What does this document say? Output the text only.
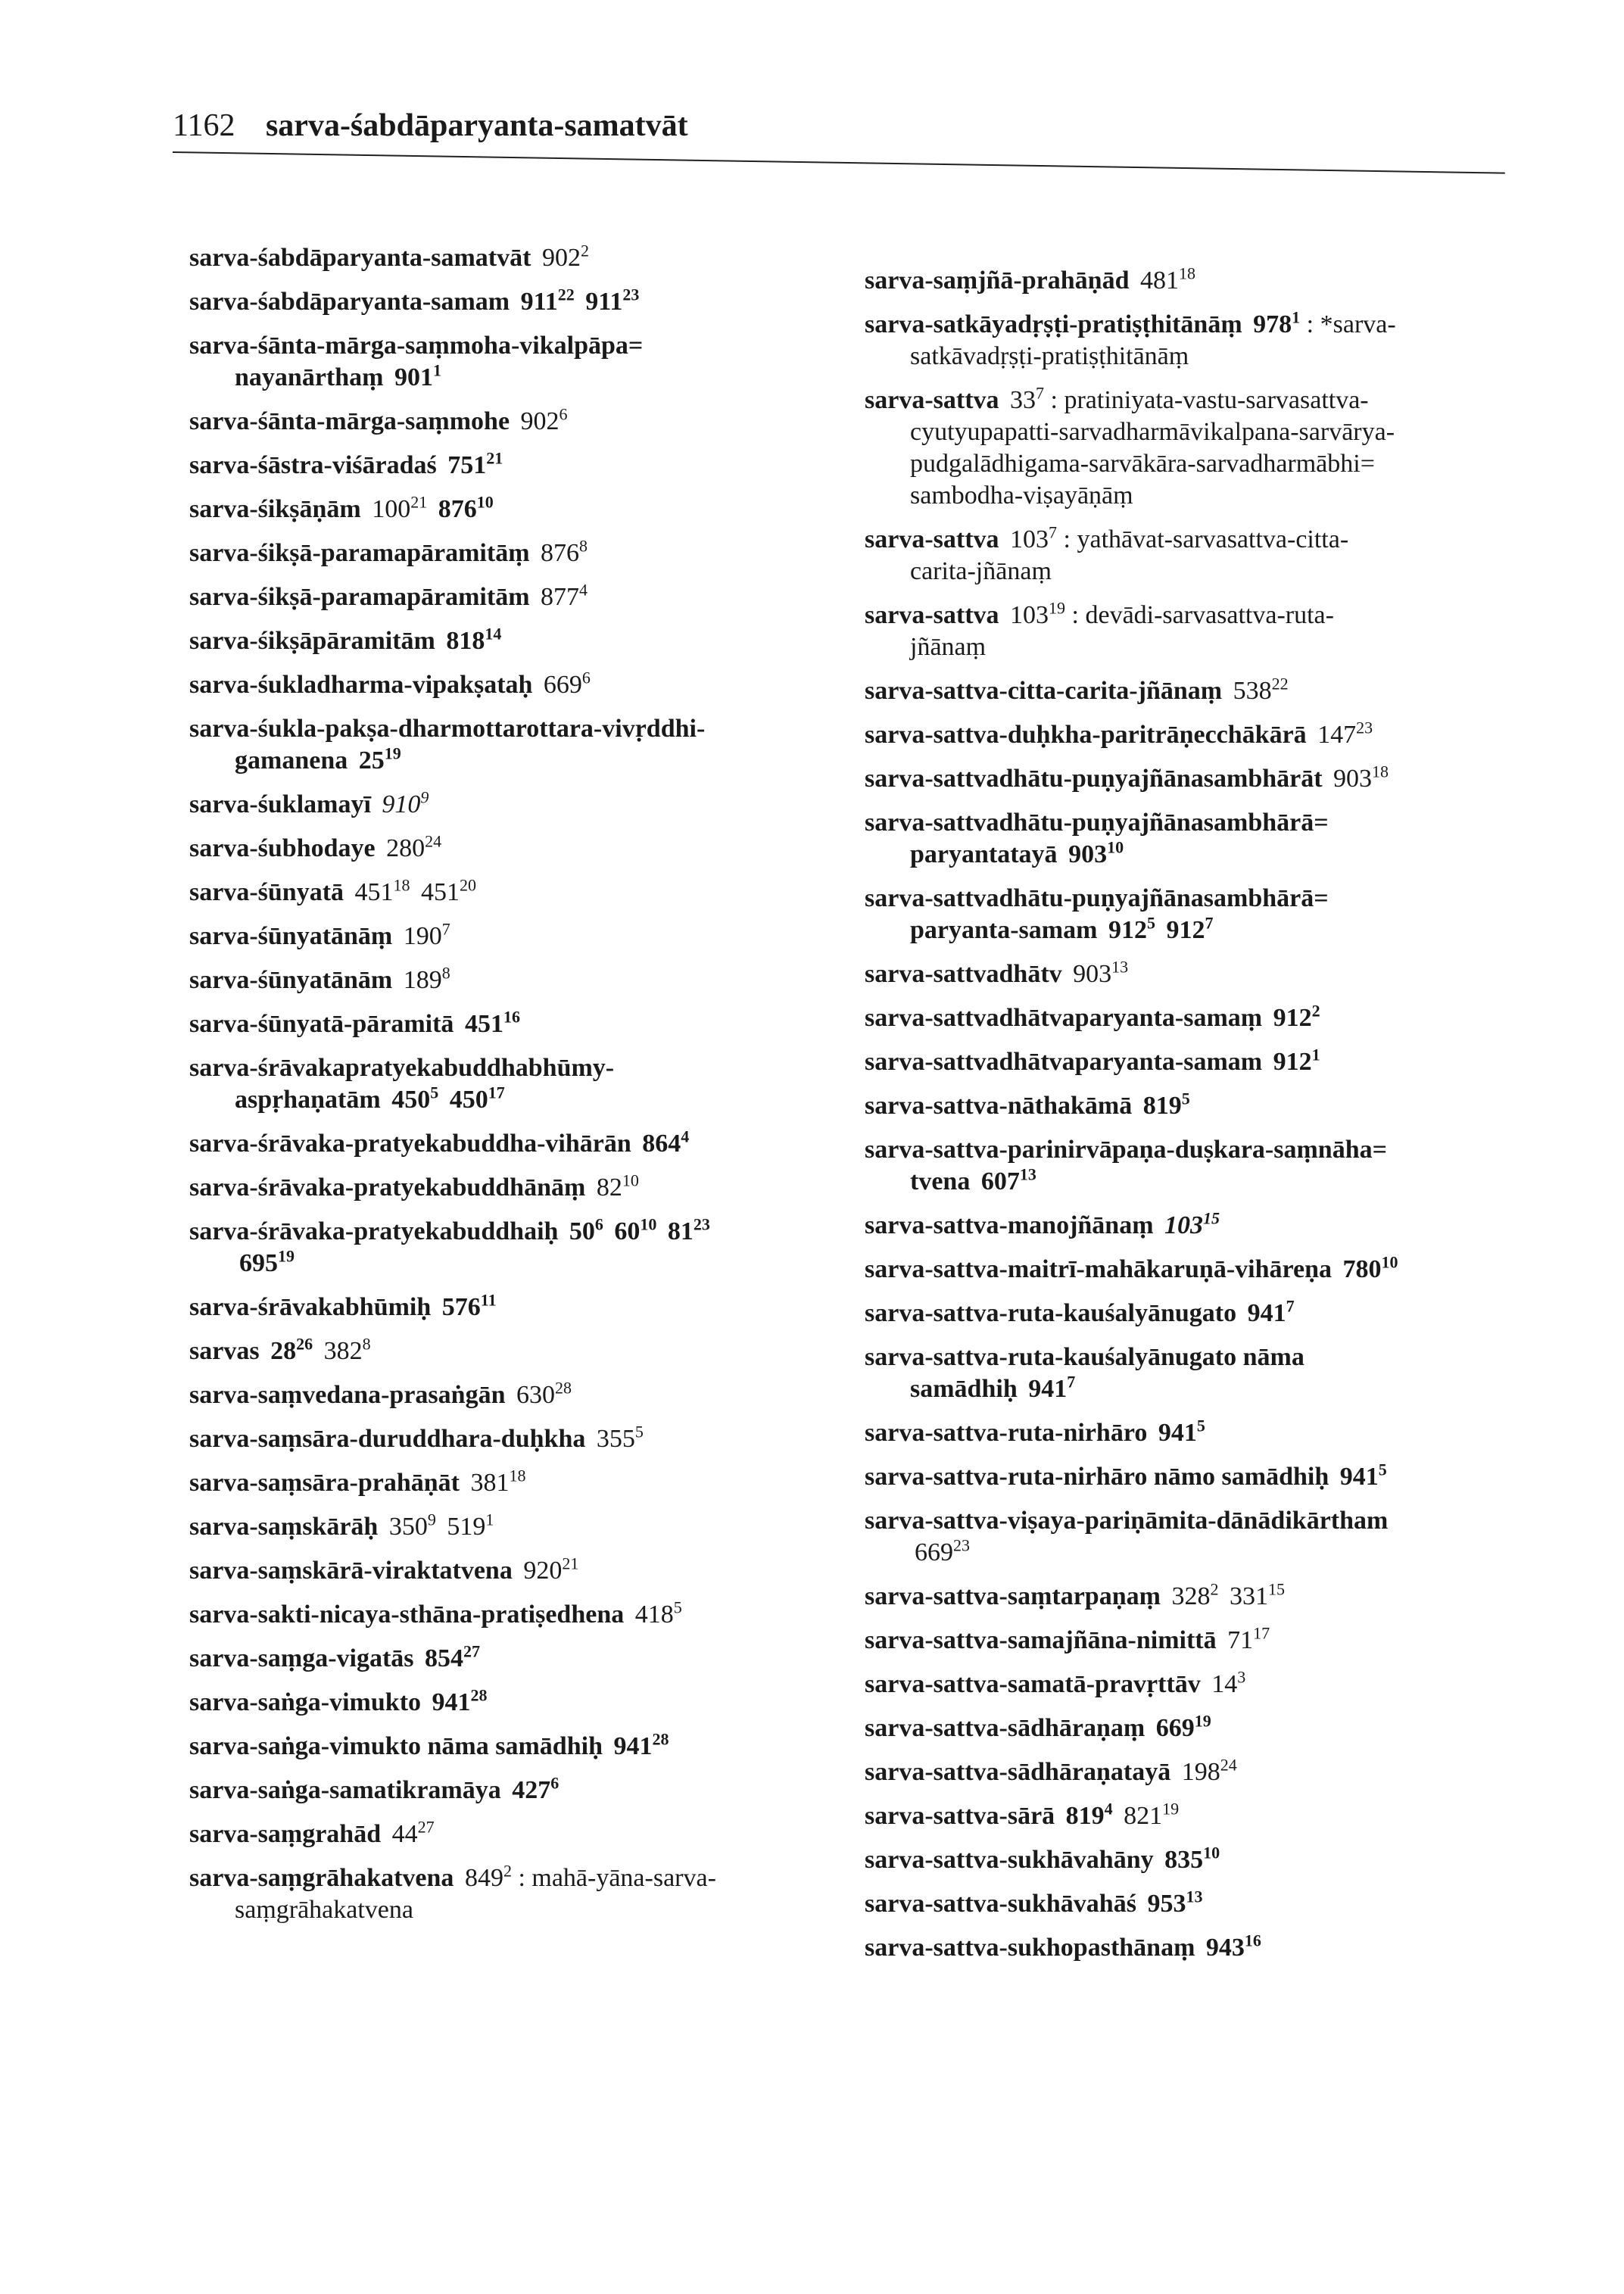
1162 sarva-śabdāparyanta-samatvāt
sarva-śabdāparyanta-samatvāt $902^2$
sarva-śabdāparyanta-samam $911^{22}$ $911^{23}$
sarva-śānta-mārga-saṃmoha-vikalpāpa=
nayanārthaṃ $901^1$
sarva-śānta-mārga-saṃmohe $902^6$
sarva-śāstra-viśāradaś $751^{21}$
sarva-śikṣāṇām $100^{21}$ $876^{10}$
sarva-śikṣā-paramapāramitāṃ $876^8$
sarva-śikṣā-paramapāramitām $877^4$
sarva-śikṣāpāramitām $818^{14}$
sarva-śukladharma-vipakṣataḥ $669^6$
sarva-śukla-pakṣa-dharmottarottara-vivṛddhi-
gamanena $25^{19}$
sarva-śuklamayī $910^9$
sarva-śubhodaye $280^{24}$
sarva-śūnyatā $451^{18}$ $451^{20}$
sarva-śūnyatānāṃ $190^7$
sarva-śūnyatānām $189^8$
sarva-śūnyatā-pāramitā $451^{16}$
sarva-śrāvakapratyekabuddhabhūmy-
aspṛhaṇatām $450^5$ $450^{17}$
sarva-śrāvaka-pratyekabuddha-vihārān $864^4$
sarva-śrāvaka-pratyekabuddhānāṃ $82^{10}$
sarva-śrāvaka-pratyekabuddhaiḥ $50^6$ $60^{10}$ $81^{23}$
$695^{19}$
sarva-śrāvakabhūmiḥ $576^{11}$
sarvas $28^{26}$ $382^8$
sarva-saṃvedana-prasaṅgān $630^{28}$
sarva-saṃsāra-duruddhara-duḥkha $355^5$
sarva-saṃsāra-prahāṇāt $381^{18}$
sarva-saṃskārāḥ $350^9$ $519^1$
sarva-saṃskārā-viraktatvena $920^{21}$
sarva-sakti-nicaya-sthāna-pratiṣedhena $418^5$
sarva-saṃga-vigatās $854^{27}$
sarva-saṅga-vimukto $941^{28}$
sarva-saṅga-vimukto nāma samādhiḥ $941^{28}$
sarva-saṅga-samatikramāya $427^6$
sarva-saṃgrahād $44^{27}$
sarva-saṃgrāhakatvena $849^2$ : mahā-yāna-sarva-
saṃgrāhakatvena
sarva-saṃjñā-prahāṇād $481^{18}$
sarva-satkāyadṛṣṭi-pratiṣṭhitānāṃ $978^1$ : *sarva-
satkāvadṛṣṭi-pratiṣṭhitānāṃ
sarva-sattva $33^7$ : pratiniyata-vastu-sarvasattva-
cyutyupapatti-sarvadharmāvikalpana-sarvārya-
pudgalādhigama-sarvākāra-sarvadharmābhi=
sambodha-viṣayāṇāṃ
sarva-sattva $103^7$ : yathāvat-sarvasattva-citta-
carita-jñānaṃ
sarva-sattva $103^{19}$ : devādi-sarvasattva-ruta-
jñānaṃ
sarva-sattva-citta-carita-jñānaṃ $538^{22}$
sarva-sattva-duḥkha-paritrāṇecchākārā $147^{23}$
sarva-sattvadhātu-puṇyajñānasambhārāt $903^{18}$
sarva-sattvadhātu-puṇyajñānasambhārā=
paryantatayā $903^{10}$
sarva-sattvadhātu-puṇyajñānasambhārā=
paryanta-samam $912^5$ $912^7$
sarva-sattvadhātv $903^{13}$
sarva-sattvadhātvaparyanta-samaṃ $912^2$
sarva-sattvadhātvaparyanta-samam $912^1$
sarva-sattva-nāthakāmā $819^5$
sarva-sattva-parinirvāpaṇa-duṣkara-saṃnāha=
tvena $607^{13}$
sarva-sattva-manojñānaṃ $103^{15}$
sarva-sattva-maitrī-mahākaruṇā-vihāreṇa $780^{10}$
sarva-sattva-ruta-kauśalyānugato $941^7$
sarva-sattva-ruta-kauśalyānugato nāma
samādhiḥ $941^7$
sarva-sattva-ruta-nirhāro $941^5$
sarva-sattva-ruta-nirhāro nāmo samādhiḥ $941^5$
sarva-sattva-viṣaya-pariṇāmita-dānādikārtham
$669^{23}$
sarva-sattva-saṃtarpaṇaṃ $328^2$ $331^{15}$
sarva-sattva-samajñāna-nimittā $71^{17}$
sarva-sattva-samatā-pravṛttāv $14^3$
sarva-sattva-sādhāraṇaṃ $669^{19}$
sarva-sattva-sādhāraṇatayā $198^{24}$
sarva-sattva-sārā $819^4$ $821^{19}$
sarva-sattva-sukhāvahāny $835^{10}$
sarva-sattva-sukhāvahāś $953^{13}$
sarva-sattva-sukhopasthānaṃ $943^{16}$
